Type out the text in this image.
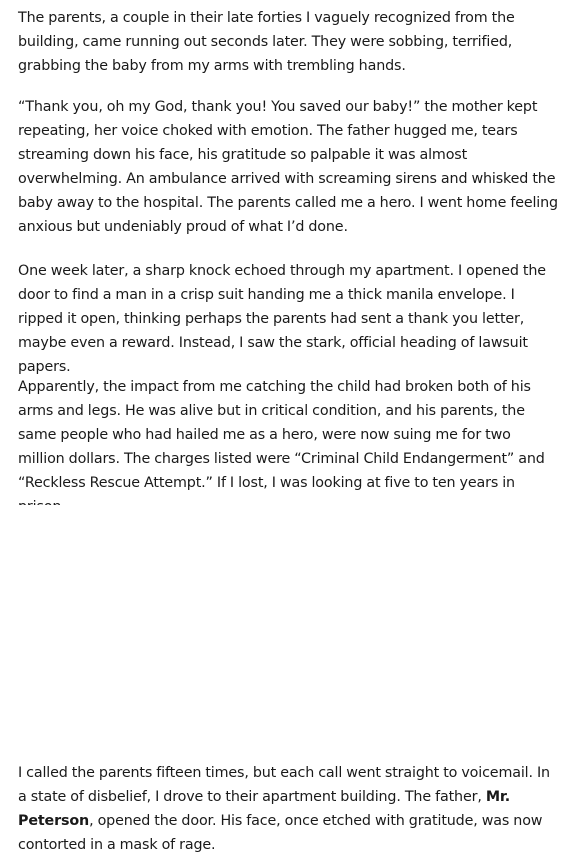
The parents, a couple in their late forties I vaguely recognized from the building, came running out seconds later. They were sobbing, terrified, grabbing the baby from my arms with trembling hands.

“Thank you, oh my God, thank you! You saved our baby!” the mother kept repeating, her voice choked with emotion. The father hugged me, tears streaming down his face, his gratitude so palpable it was almost overwhelming. An ambulance arrived with screaming sirens and whisked the baby away to the hospital. The parents called me a hero. I went home feeling anxious but undeniably proud of what I’d done.

One week later, a sharp knock echoed through my apartment. I opened the door to find a man in a crisp suit handing me a thick manila envelope. I ripped it open, thinking perhaps the parents had sent a thank you letter, maybe even a reward. Instead, I saw the stark, official heading of lawsuit papers.

Apparently, the impact from me catching the child had broken both of his arms and legs. He was alive but in critical condition, and his parents, the same people who had hailed me as a hero, were now suing me for two million dollars. The charges listed were “Criminal Child Endangerment” and “Reckless Rescue Attempt.” If I lost, I was looking at five to ten years in

I called the parents fifteen times, but each call went straight to voicemail. In a state of disbelief, I drove to their apartment building. The father, Mr. Peterson, opened the door. His face, once etched with gratitude, was now contorted in a mask of rage.
